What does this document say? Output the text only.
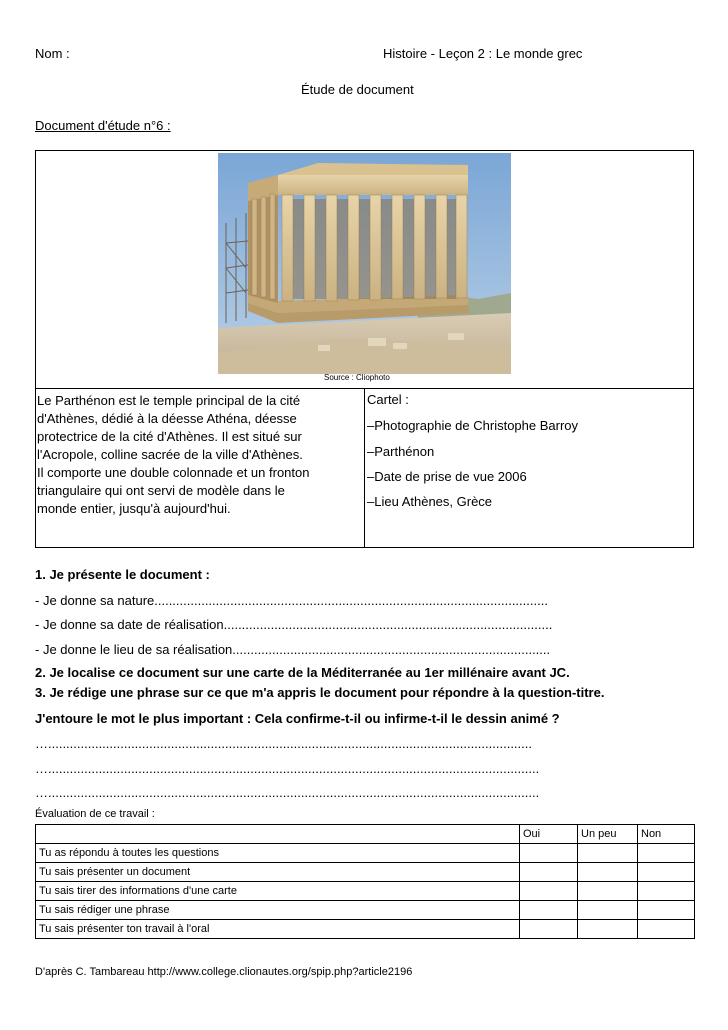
Nom :	Histoire - Leçon 2 : Le monde grec
Étude de document
Document d'étude n°6 :
Source : Cliophoto
Le Parthénon est le temple principal de la cité
d'Athènes, dédié à la déesse Athéna, déesse
protectrice de la cité d'Athènes. Il est situé sur
l'Acropole, colline sacrée de la ville d'Athènes.
Il comporte une double colonnade et un fronton
triangulaire qui ont servi de modèle dans le
monde entier, jusqu'à aujourd'hui.
Cartel :
–Photographie de Christophe Barroy
–Parthénon
–Date de prise de vue 2006
–Lieu Athènes, Grèce
1. Je présente le document :
- Je donne sa nature.............................................................................................................
- Je donne sa date de réalisation...........................................................................................
- Je donne le lieu de sa réalisation........................................................................................
2. Je localise ce document sur une carte de la Méditerranée au 1er millénaire avant JC.
3. Je rédige une phrase sur ce que m'a appris le document pour répondre à la question-titre.
J'entoure le mot le plus important : Cela confirme-t-il ou infirme-t-il le dessin animé ?
…......................................................................................................................................
…........................................................................................................................................
…........................................................................................................................................
Évaluation de ce travail :
	Oui	Un peu	Non
Tu as répondu à toutes les questions			
Tu sais présenter un document			
Tu sais tirer des informations d'une carte			
Tu sais rédiger une phrase			
Tu sais présenter ton travail à l'oral			
D'après C. Tambareau http://www.college.clionautes.org/spip.php?article2196
